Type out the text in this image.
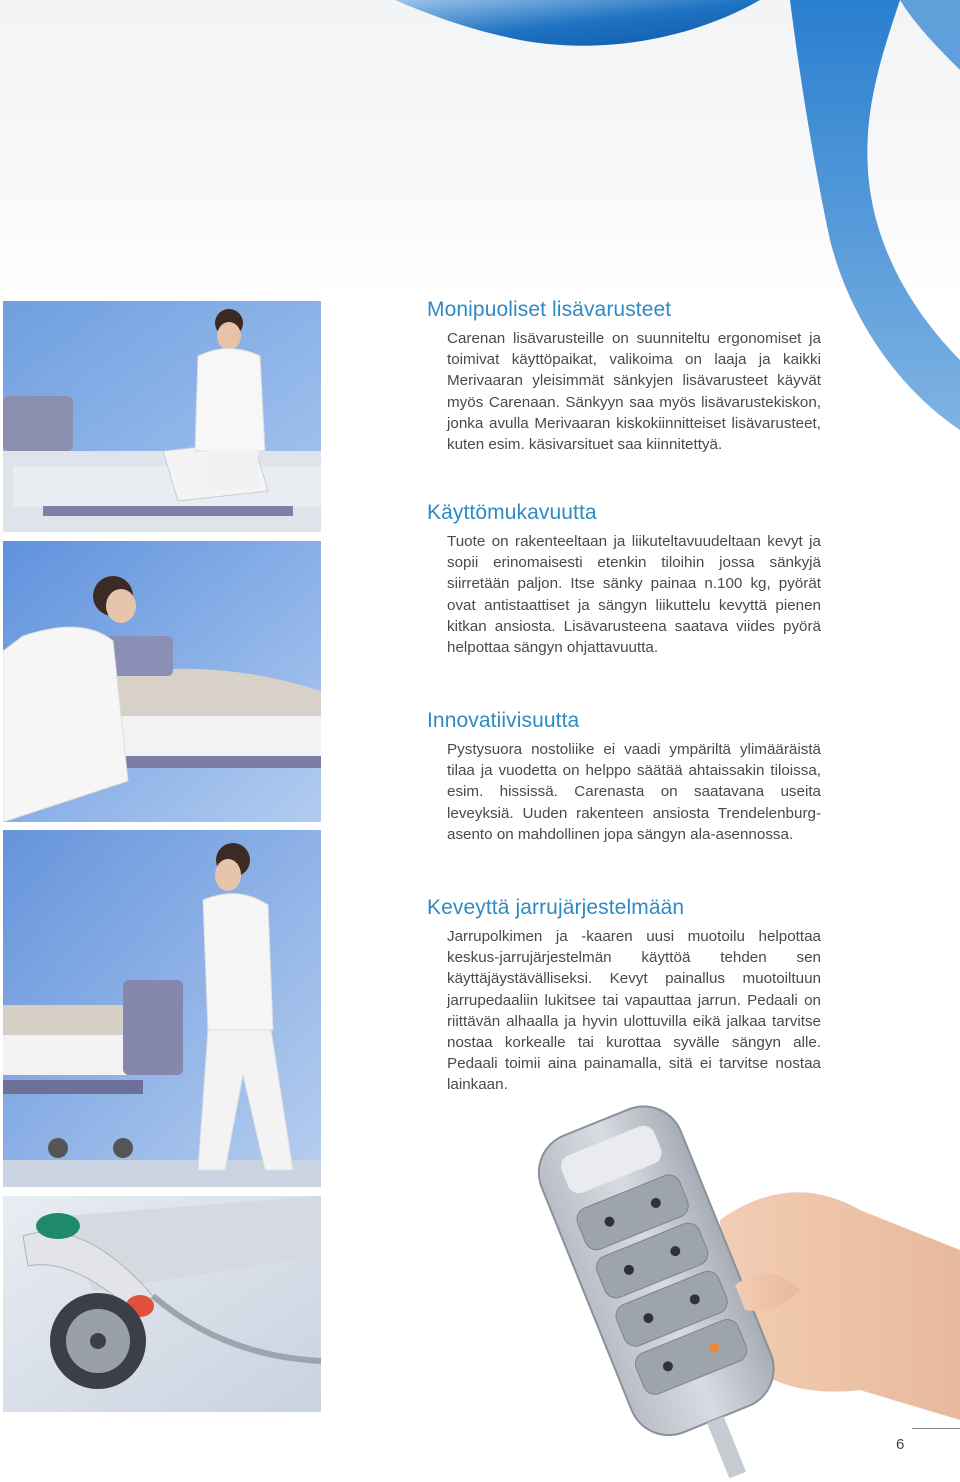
Monipuoliset lisävarusteet

Carenan lisävarusteille on suunniteltu ergonomiset ja toimivat käyttöpaikat, valikoima on laaja ja kaikki Merivaaran yleisimmät sänkyjen lisävarusteet käyvät myös Carenaan. Sänkyyn saa myös lisävarustekiskon, jonka avulla Merivaaran kiskokiinnitteiset lisävarusteet, kuten esim. käsivarsituet saa kiinnitettyä.

Käyttömukavuutta

Tuote on rakenteeltaan ja liikuteltavuudeltaan kevyt ja sopii erinomaisesti etenkin tiloihin jossa sänkyjä siirretään paljon. Itse sänky painaa n.100 kg, pyörät ovat antistaattiset ja sängyn liikuttelu kevyttä pienen kitkan ansiosta. Lisävarusteena saatava viides pyörä helpottaa sängyn ohjattavuutta.

Innovatiivisuutta

Pystysuora nostoliike ei vaadi ympäriltä ylimääräistä tilaa ja vuodetta on helppo säätää ahtaissakin tiloissa, esim. hississä. Carenasta on saatavana useita leveyksiä. Uuden rakenteen ansiosta Trendelenburg-asento on mahdollinen jopa sängyn ala-asennossa.

Keveyttä jarrujärjestelmään

Jarrupolkimen ja -kaaren uusi muotoilu helpottaa keskus-jarrujärjestelmän käyttöä tehden sen käyttäjäystävälliseksi. Kevyt painallus muotoiltuun jarrupedaaliin lukitsee tai vapauttaa jarrun. Pedaali on riittävän alhaalla ja hyvin ulottuvilla eikä jalkaa tarvitse nostaa korkealle tai kurottaa syvälle sängyn alle. Pedaali toimii aina painamalla, sitä ei tarvitse nostaa lainkaan.

6
